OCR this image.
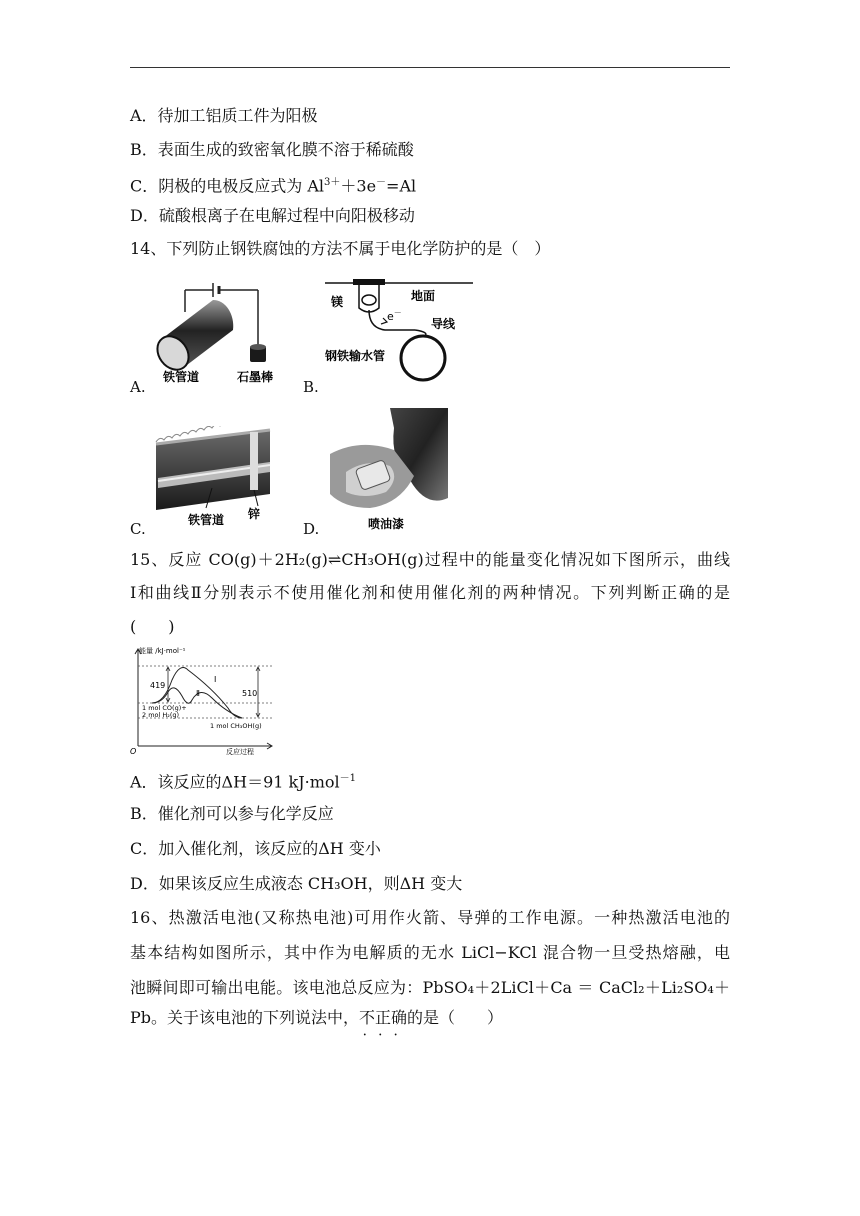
A．待加工铝质工件为阳极
B．表面生成的致密氧化膜不溶于稀硫酸
C．阴极的电极反应式为 $Al^{3+}+3e^-=Al$
D．硫酸根离子在电解过程中向阳极移动
14、下列防止钢铁腐蚀的方法不属于电化学防护的是（　）
铁管道	石墨棒
A.
镁	地面
e－
导线
钢铁输水管
B.
铁管道 锌
C.	喷油漆
D.
15、反应 CO(g)＋2H₂(g)⇌CH₃OH(g)过程中的能量变化情况如下图所示，曲线
Ⅰ和曲线Ⅱ分别表示不使用催化剂和使用催化剂的两种情况。下列判断正确的是
(　　)
能量 /kJ·mol⁻¹
反应过程
O
419
510
Ⅰ
Ⅱ
1 mol CO(g)+
2 mol H₂(g)
1 mol CH₃OH(g)
A．该反应的ΔH＝91 kJ·mol$^{-1}$
B．催化剂可以参与化学反应
C．加入催化剂，该反应的ΔH 变小
D．如果该反应生成液态 CH₃OH，则ΔH 变大
16、热激活电池(又称热电池)可用作火箭、导弹的工作电源。一种热激活电池的
基本结构如图所示，其中作为电解质的无水 LiCl−KCl 混合物一旦受热熔融，电
池瞬间即可输出电能。该电池总反应为：PbSO₄＋2LiCl＋Ca ＝ CaCl₂＋Li₂SO₄＋
Pb。关于该电池的下列说法中，不正确 • • •的是（　　）
